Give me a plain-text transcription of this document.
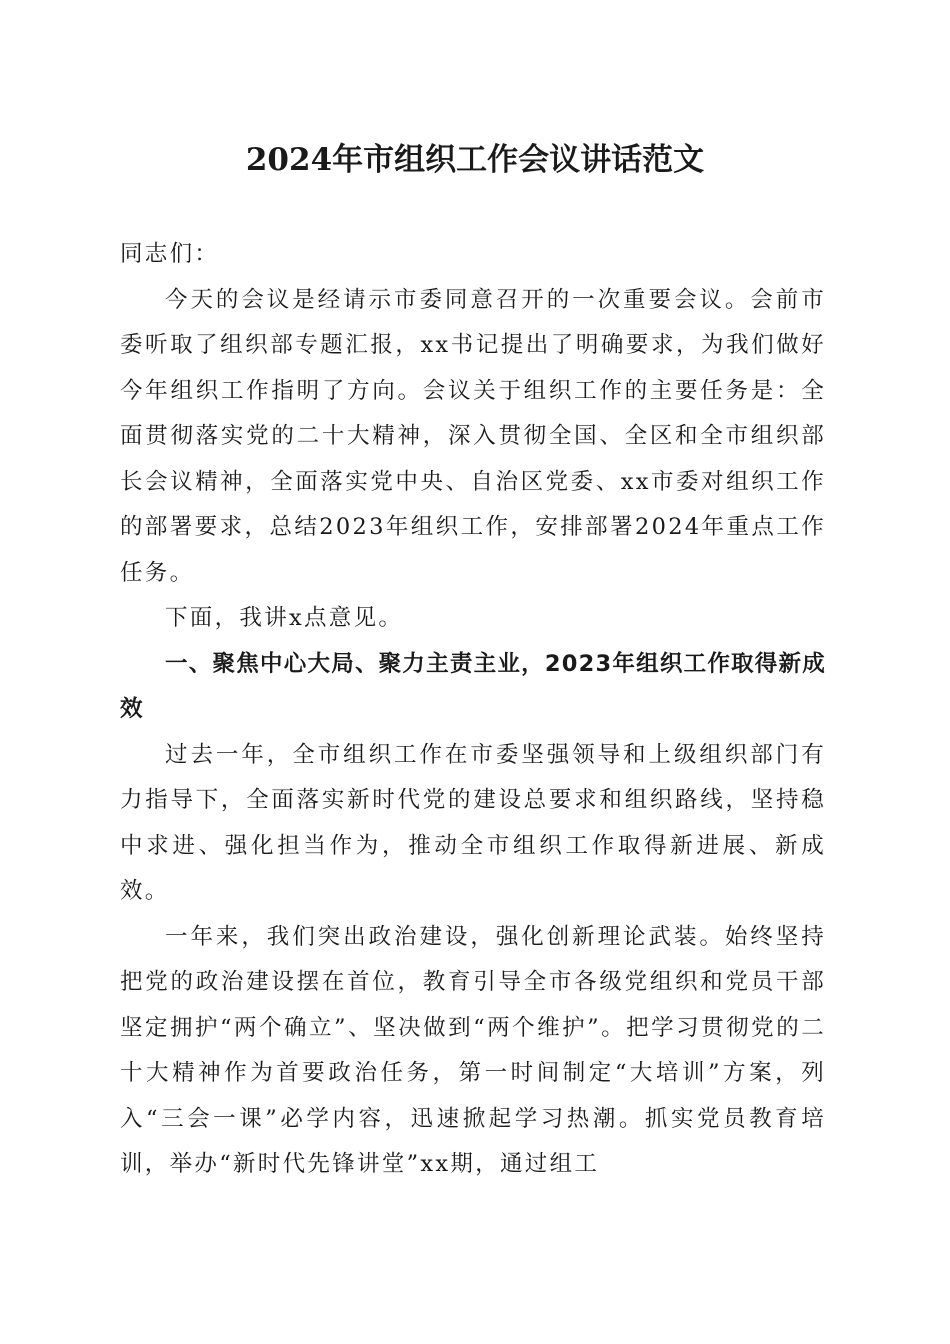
2024年市组织工作会议讲话范文

同志们：

今天的会议是经请示市委同意召开的一次重要会议。会前市委听取了组织部专题汇报，xx书记提出了明确要求，为我们做好今年组织工作指明了方向。会议关于组织工作的主要任务是：全面贯彻落实党的二十大精神，深入贯彻全国、全区和全市组织部长会议精神，全面落实党中央、自治区党委、xx市委对组织工作的部署要求，总结2023年组织工作，安排部署2024年重点工作任务。

下面，我讲x点意见。

一、聚焦中心大局、聚力主责主业，2023年组织工作取得新成效

过去一年，全市组织工作在市委坚强领导和上级组织部门有力指导下，全面落实新时代党的建设总要求和组织路线，坚持稳中求进、强化担当作为，推动全市组织工作取得新进展、新成效。

一年来，我们突出政治建设，强化创新理论武装。始终坚持把党的政治建设摆在首位，教育引导全市各级党组织和党员干部坚定拥护“两个确立”、坚决做到“两个维护”。把学习贯彻党的二十大精神作为首要政治任务，第一时间制定“大培训”方案，列入“三会一课”必学内容，迅速掀起学习热潮。抓实党员教育培训，举办“新时代先锋讲堂”xx期，通过组工
